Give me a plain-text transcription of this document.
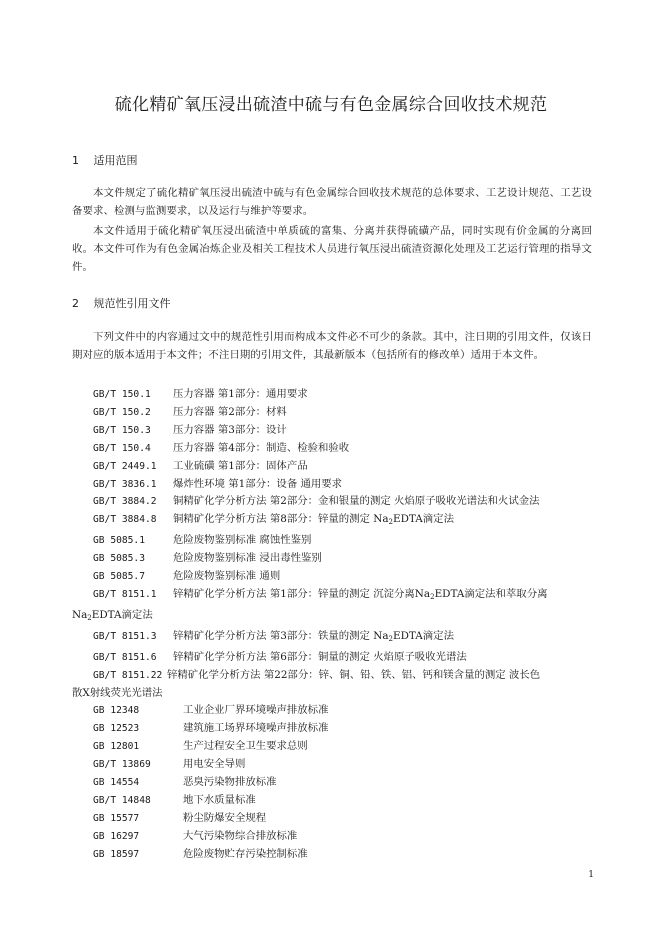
硫化精矿氧压浸出硫渣中硫与有色金属综合回收技术规范
1 适用范围

本文件规定了硫化精矿氧压浸出硫渣中硫与有色金属综合回收技术规范的总体要求、工艺设计规范、工艺设备要求、检测与监测要求，以及运行与维护等要求。

本文件适用于硫化精矿氧压浸出硫渣中单质硫的富集、分离并获得硫磺产品，同时实现有价金属的分离回收。本文件可作为有色金属冶炼企业及相关工程技术人员进行氧压浸出硫渣资源化处理及工艺运行管理的指导文件。

2 规范性引用文件

下列文件中的内容通过文中的规范性引用而构成本文件必不可少的条款。其中，注日期的引用文件，仅该日期对应的版本适用于本文件；不注日期的引用文件，其最新版本（包括所有的修改单）适用于本文件。

GB/T 150.1 压力容器 第1部分：通用要求
GB/T 150.2 压力容器 第2部分：材料
GB/T 150.3 压力容器 第3部分：设计
GB/T 150.4 压力容器 第4部分：制造、检验和验收
GB/T 2449.1 工业硫磺 第1部分：固体产品
GB/T 3836.1 爆炸性环境 第1部分：设备 通用要求
GB/T 3884.2 铜精矿化学分析方法 第2部分：金和银量的测定 火焰原子吸收光谱法和火试金法
GB/T 3884.8 铜精矿化学分析方法 第8部分：锌量的测定 $Na_2EDTA$滴定法
GB 5085.1	危险废物鉴别标准 腐蚀性鉴别
GB 5085.3	危险废物鉴别标准 浸出毒性鉴别
GB 5085.7	危险废物鉴别标准 通则
GB/T 8151.1 锌精矿化学分析方法 第1部分：锌量的测定 沉淀分离$Na_2EDTA$滴定法和萃取分离
$Na_2EDTA$滴定法
GB/T 8151.3 锌精矿化学分析方法 第3部分：铁量的测定 $Na_2EDTA$滴定法
GB/T 8151.6 锌精矿化学分析方法 第6部分：铜量的测定 火焰原子吸收光谱法
GB/T 8151.22 锌精矿化学分析方法 第22部分：锌、铜、铅、铁、铝、钙和镁含量的测定 波长色
散X射线荧光光谱法
GB 12348	工业企业厂界环境噪声排放标准
GB 12523	建筑施工场界环境噪声排放标准
GB 12801	生产过程安全卫生要求总则
GB/T 13869	用电安全导则
GB 14554	恶臭污染物排放标准
GB/T 14848	地下水质量标准
GB 15577	粉尘防爆安全规程
GB 16297	大气污染物综合排放标准
GB 18597	危险废物贮存污染控制标准
1
